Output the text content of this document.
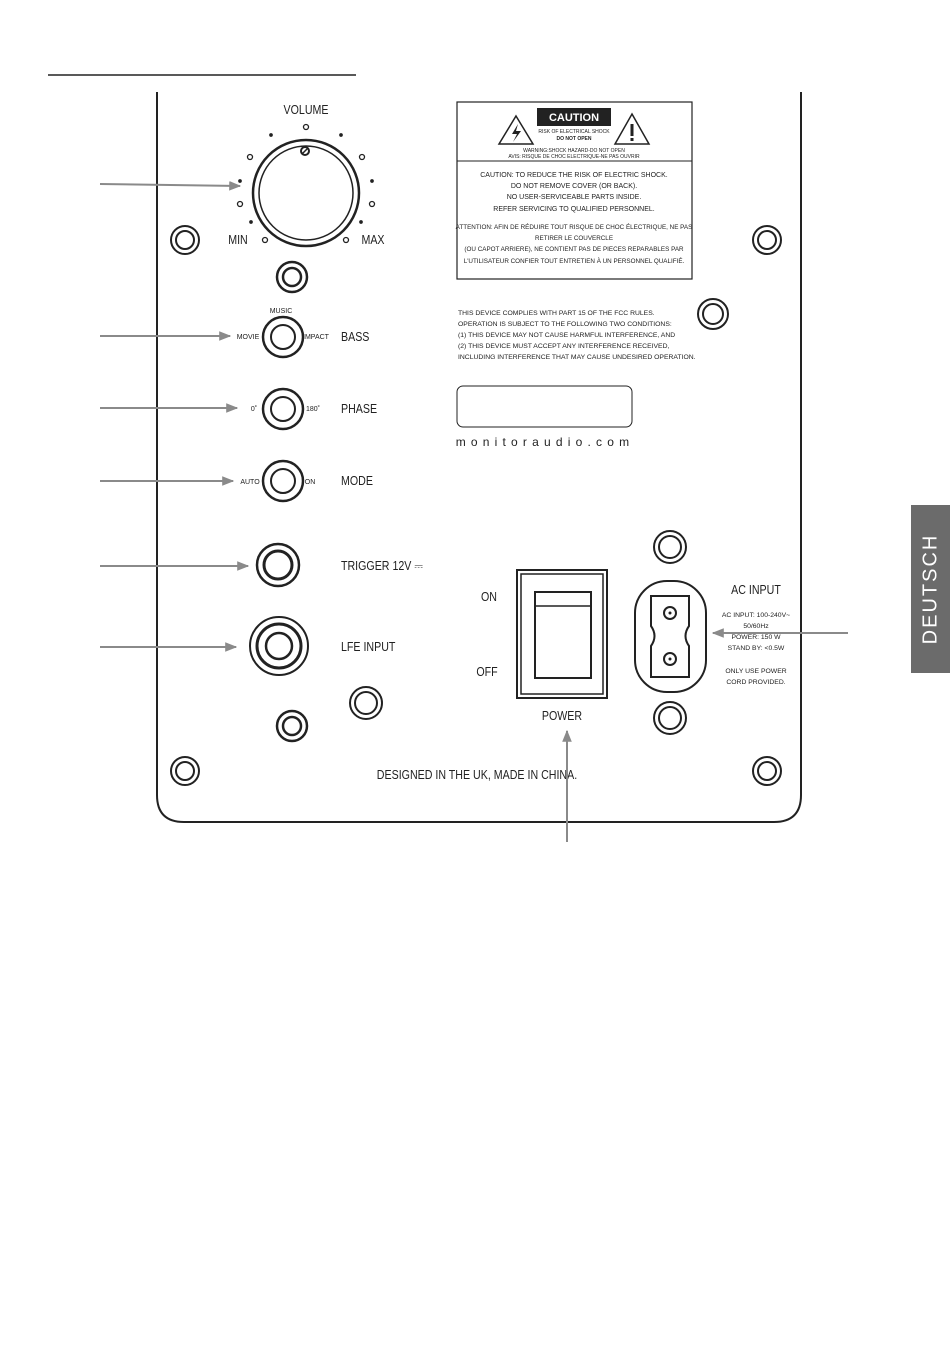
VOLUME
MIN	MAX
MUSIC
MOVIE	IMPACT BASS
0˚	180˚ PHASE
AUTO	ON MODE
TRIGGER 12V ⎓
LFE INPUT
CAUTION
RISK OF ELECTRICAL SHOCK
DO NOT OPEN
WARNING:SHOCK HAZARD-DO NOT OPEN
AVIS: RISQUE DE CHOC ELECTRIQUE-NE PAS OUVRIR
CAUTION: TO REDUCE THE RISK OF ELECTRIC SHOCK.
DO NOT REMOVE COVER (OR BACK).
NO USER-SERVICEABLE PARTS INSIDE.
REFER SERVICING TO QUALIFIED PERSONNEL.
ATTENTION: AFIN DE RÉDUIRE TOUT RISQUE DE CHOC ÉLECTRIQUE, NE PAS
RETIRER LE COUVERCLE
(OU CAPOT ARRIERE), NE CONTIENT PAS DE PIECES REPARABLES PAR
L'UTILISATEUR CONFIER TOUT ENTRETIEN À UN PERSONNEL QUALIFIÉ.
THIS DEVICE COMPLIES WITH PART 15 OF THE FCC RULES.
OPERATION IS SUBJECT TO THE FOLLOWING TWO CONDITIONS:
(1) THIS DEVICE MAY NOT CAUSE HARMFUL INTERFERENCE, AND
(2) THIS DEVICE MUST ACCEPT ANY INTERFERENCE RECEIVED,
INCLUDING INTERFERENCE THAT MAY CAUSE UNDESIRED OPERATION.
monitoraudio.com
ON
OFF
POWER
AC INPUT
AC INPUT: 100-240V~
50/60Hz
POWER: 150 W
STAND BY: <0.5W
ONLY USE POWER
CORD PROVIDED.
DESIGNED IN THE UK, MADE IN CHINA.
DEUTSCH
